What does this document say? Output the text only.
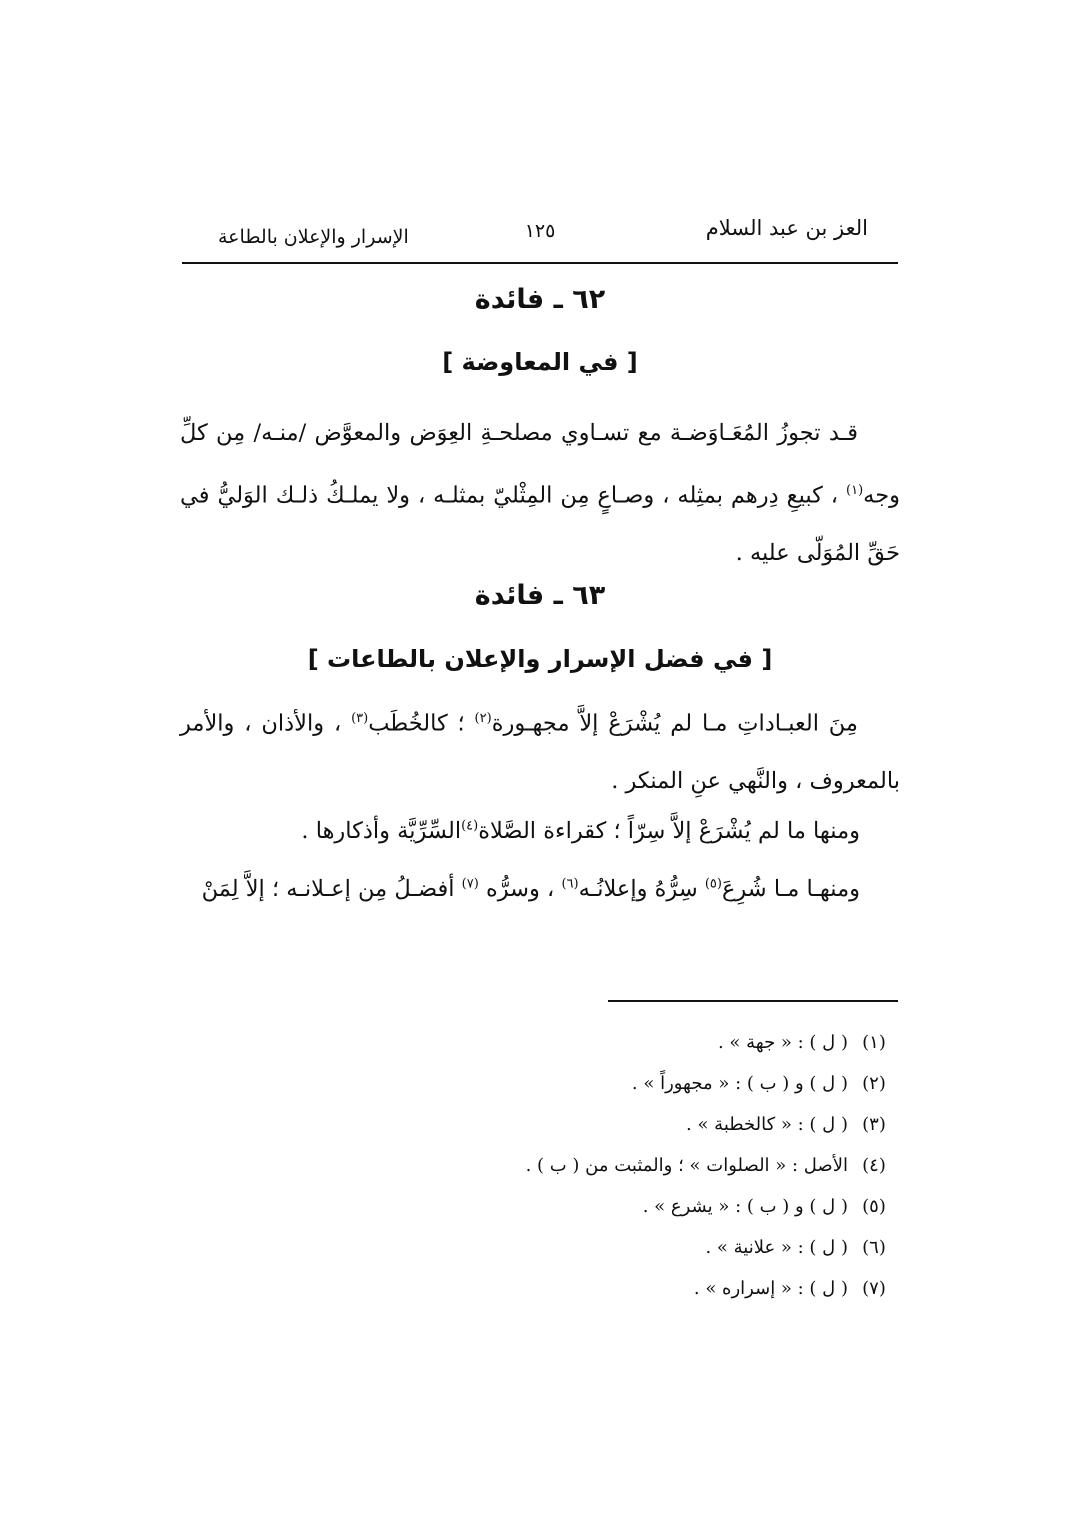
العز بن عبد السلام
١٢٥
الإسرار والإعلان بالطاعة
٦٢ ـ فائدة
[ في المعاوضة ]

قـد تجوزُ المُعَـاوَضـة مع تسـاوي مصلحـةِ العِوَض والمعوَّض /منـه/ مِن كلِّ وجه$^{(١)}$ ، كبيعِ دِرهم بمثِله ، وصـاعٍ مِن المِثْليّ بمثلـه ، ولا يملـكُ ذلـك الوَليُّ في حَقِّ المُوَلّى عليه .

٦٣ ـ فائدة
[ في فضل الإسرار والإعلان بالطاعات ]

مِنَ العبـاداتِ مـا لم يُشْرَعْ إلاَّ مجهـورة$^{(٢)}$ ؛ كالخُطَب$^{(٣)}$ ، والأذان ، والأمر بالمعروف ، والنَّهي عنِ المنكر .

ومنها ما لم يُشْرَعْ إلاَّ سِرّاً ؛ كقراءة الصَّلاة$^{(٤)}$السِّرِّيَّة وأذكارها .
ومنهـا مـا شُرِعَ$^{(٥)}$ سِرُّهُ وإعلانُـه$^{(٦)}$ ، وسرُّه $^{(٧)}$ أفضـلُ مِن إعـلانـه ؛ إلاَّ لِمَنْ
(١)
( ل ) : « جهة » .
(٢)
( ل ) و ( ب ) : « مجهوراً » .
(٣)
( ل ) : « كالخطبة » .
(٤)
الأصل : « الصلوات » ؛ والمثبت من ( ب ) .
(٥)
( ل ) و ( ب ) : « يشرع » .
(٦)
( ل ) : « علانية » .
(٧)
( ل ) : « إسراره » .
